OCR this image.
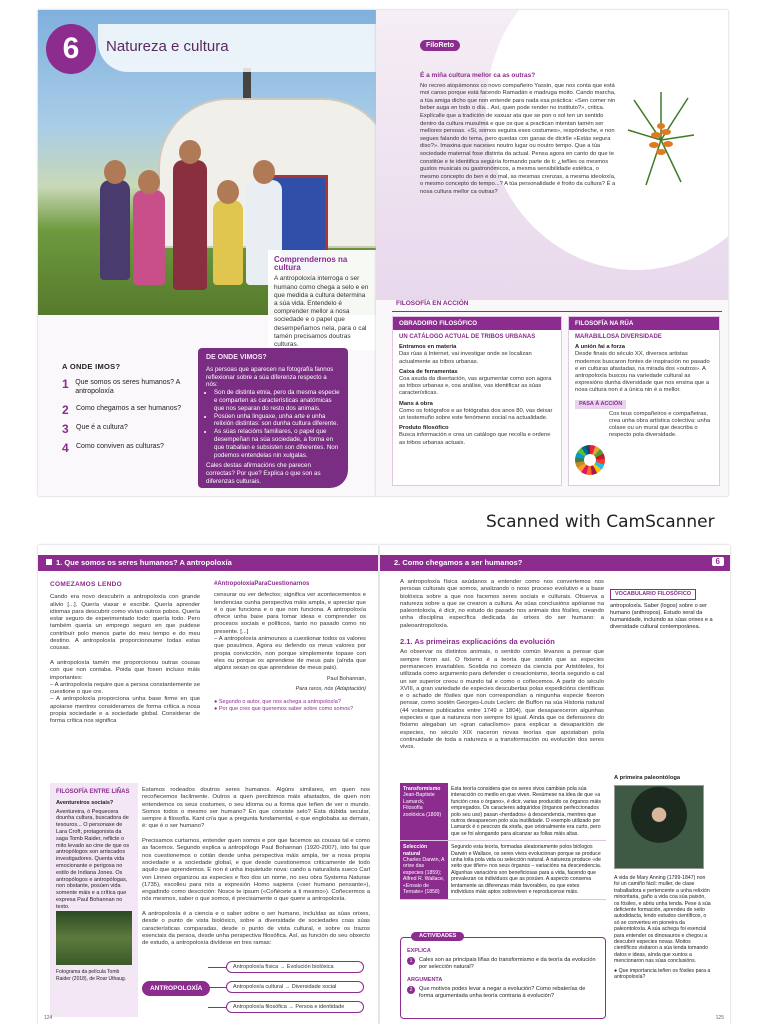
6	Natureza e cultura
Comprendernos na cultura

A antropoloxía interroga o ser humano como chega a selo e en que medida a cultura determina a súa vida. Entendelo é comprender mellor a nosa sociedade e o papel que desempeñamos nela, para o cal tamén precisamos doutras culturas.

A ONDE IMOS?
1 Que somos os seres humanos? A antropoloxía
2	Como chegamos a ser humanos?
3	Que é a cultura?
4	Como conviven as culturas?
DE ONDE VIMOS?

As persoas que aparecen na fotografía fannos reflexionar sobre a súa diferenza respecto a nós:

• Son de distinta etnia, pero da mesma especie e comparten as características anatómicas que nos separan do resto dos animais.
• Posúen unha linguaxe, unha arte e unha relixión distintas: son dunha cultura diferente.
• As súas relacións familiares, o papel que desempeñan na súa sociedade, a forma en que traballan e subsisten son diferentes. Non podemos entendelas nin xulgalas.

Cales destas afirmacións che parecen correctas? Por que? Explica o que son as diferenzas culturais.

FiloReto
É a miña cultura mellor ca as outras?

No recreo atopámonos co novo compañeiro Yassin, que nos conta que está moi canso porque está facendo Ramadán e madruga moito. Cando marcha, a túa amiga dicho que non entende para nada esa práctica: «Sen comer nin beber auga en todo o día... Así, quen pode render no instituto?», critica. Explícalle que a tradición de xaxuar ata que se pon o sol ten un sentido dentro da cultura musulmá e que os que a practican intentan tamén ser mellores persoas. «Si, somos seguira eses costumes», respóndeche, e non segues falando do tema, pero quedas con ganas de dicirlle «Estás segura diso?». Imaxina que naceses noutro lugar ou noutro tempo. Que a túa sociedade maternal fose distinta da actual. Pensa agora en canto do que te constitúe e te identifica seguiría formando parte de ti: ¿teñles os mesmos gustos musicais ou gastronómicos, a mesma sensibilidade estética, o mesmo concepto do ben e do mal, as mesmas crenzas, a mesma ideoloxía, o mesmo concepto do tempo...? A túa personalidade é froito da cultura? É a nosa cultura mellor ca outras?

FILOSOFÍA EN ACCIÓN
OBRADOIRO FILOSÓFICO
UN CATÁLOGO ACTUAL DE TRIBOS URBANAS
Entramos en materia
Das rúas á Internet, vai investigar onde se localizan actualmente as tribos urbanas.
Caixa de ferramentas
Coa axuda da disertación, vas argumentar como son agora as tribos urbanas e, coa análise, vas identificar as súas características.
Mans á obra
Como os fotógrafos e as fotógrafas dos anos 80, vas deixar un testemuño sobre este fenómeno social na actualidade.
Produto filosófico
Busca información e crea un catálogo que recolla e ordene as tribos urbanas actuais.
FILOSOFÍA NA RÚA
MARABILLOSA DIVERSIDADE
A unión fai a forza
Desde finais do século XX, diversos artistas modernos buscaron fontes de inspiración no pasado e en culturas afastadas, na mirada dos «outros». A antropoloxía buscou na variedade cultural as expresións dunha diversidade que nos ensina que a nosa cultura non é a única nin é a mellor.
PASA Á ACCIÓN

Cos teus compañeiros e compañeiras, crea unha obra artística colectiva: unha colaxe ou un mural que describa o respecto pola diversidade.
Scanned with CamScanner
1. Que somos os seres humanos? A antropoloxía
COMEZAMOS LENDO

Cando era novo descubrín a antropoloxía con grande alivio [...]. Quería viaxar e escribir. Quería aprender idiomas para descubrir como vivían outros pobos. Quería estar seguro de experimentado todo: quería todo. Pero também queria un emprego seguro en que puidese contribuír polo menos parte do meu tempo e do meu destino. A antropoloxía proporcionoume todas estas cousas.

A antropoloxía tamén me proporcionou outras cousas con que non contaba. Poida que fosen incluso máis importantes:
– A antropoloxía require que a persoa constantemente se cuestione o que cre.
– A antropoloxía proporciona unha base firme en que apoiarse mentres consideramos de forma crítica a nosa propia sociedade e a sociedade global. Considerar de forma crítica nos significa

#AntropoloxíaParaCuestionarnos

censurar ou ver defectos; significa ver acontecementos e tendencias cunha perspectiva máis ampla, e apreciar que é o que funciona e o que non funciona. A antropoloxía ofrece unha base para tomar ideas e comprender os procesos sociais e políticos, tanto no pasado como no presente. [...]
– A antropoloxía animounos a cuestionar todos os valores que posuímos. Agora eu defendo os meus valores por propia convicción, non porque simplemente topase con eles ou porque os aprendese de meus pais (aínda que algúns sexan os que aprendese de meus pais).

Paul Bohannan,
Para raros, nós (Adaptación)
● Segundo o autor, que nos achega a antropoloxía?
● Por que cres que queremos saber sobre como somos?
FILOSOFÍA ENTRE LIÑAS
Aventureiros sociais?

Aventureira, ó Pequecera dounha cultura, buscadora de tesouros... O personaxe de Lara Croft, protagonista da saga Tomb Raider, reflicte o mito levado ao cine de que os antropólogos son arriscados investigadores. Quenta vida emocionante e perigosa no estilo de Indiana Jones. Os antropólogos e antropólogas, non obstante, posúen vida somente máis e a crítica que expresa Paul Bohannan no texto.

Fotograma da película Tomb Raider (2018), de Roar Uthaug.

Estamos rodeados doutros seres humanos. Algúns similares, en quen nos recoñecemos facilmente. Outros a quen percibimos máis afastados, de quen non entendemos os seus costumes, o seu idioma ou a forma que teñen de ver o mundo. Somos todos o mesmo ser humano? En que consiste selo? Esta dúbida secular, sempre á filosofía. Kant cría que a pregunta fundamental, e que englobaba as demais, é: que é o ser humano?

Precisamos curtarnos, entender quen somos e por que facemos as cousas tal e como as facemos. Segundo explica a antropólogo Paul Bohannan (1920-2007), isto fai que nos cuestionemos o cotián desde unha perspectiva máis ampla, ter a nosa propia sociedade e a sociedade global, e que desde cuestionemos criticamente de todo aquilo que aprendemos. E non é unha inquietude nova: cando a naturalista sueco Carl von Linneo organizou as especies e fixo dos un nome, no seu obra Systema Naturae (1735), escolleu para nós a expresión Homo sapiens («ser humano pensante»), engadindo como descrición: Nosce te ipsum («Coñécete a ti mesmo»). Coñecermos a nós mesmos, saber o que somos, é precisamente o que quere a antropoloxía.

A antropoloxía é a ciencia e o saber sobre o ser humano, incluídas as súas orixes, desde o punto de vista biolóxico, sobre a diversidade de sociedades coas súas características comparadas, desde o punto de vista cultural, e sobre os trazos esenciais da persoa, desde unha perspectiva filosófica. Así, as función do seu obxecto de estudo, a antropoloxía divídese en tres ramas:

ANTROPOLOXÍA
Antropoloxía física → Evolución biolóxica
Antropoloxía cultural → Diversidade social
Antropoloxía filosófica → Persoa e identidade
124
2. Como chegamos a ser humanos?	6

A antropoloxía física axúdanos a entender como nos convertemos nos persoas culturais que somos, analizando o noso proceso evolutivo e a base biolóxica sobre a que nos facemos seres sociais e culturais. Observa a natureza sobre a que se crearon a cultura. As súas conclusións apóianse na paleontoloxía, é dicir, no estudo do pasado nos animais dos fósiles, creando unha disciplina específica dedicada ás orixes do ser humano: a paleoantropoloxía.

2.1. As primeiras explicacións da evolución

Ao observar os distintos animais, o sentido común lévanos a pensar que sempre foron así. O fixismo é a teoría que sostén que as especies permanecen invariables. Sostida no comezo da ciencia por Aristóteles, foi utilizada como argumento para defender o creacionismo, teoría segundo a cal un ser superior creou o mundo tal e como o coñecemos. A partir do século XVIII, a gran variedade de especies descubertas polas expedicións científicas e o achado de fósiles que non correspondían a ningunha especie fixeron pensar, como sostén Georges-Louis Leclerc de Buffon na súa Historia natural (44 volumes publicados entre 1749 e 1804), que desapareceron algunhas especies e que a natureza non sempre foi igual. Ainda que os defensores do fixismo alegaban un «gran cataclismo» para explicar a desaparición de especies, no século XIX naceron novas teorías que apostaban pola continuidade de toda a natureza e a transformación ou evolución dos seres vivos.

VOCABULARIO FILOSÓFICO

antropoloxía. Saber (logos) sobre o ser humano (anthropos). Estudo xeral da humanidade, incluindo as súas orixes e a diversidade cultural contemporánea.

Transformismo
Jean-Baptiste Lamarck, Filosofía zoolóxica (1809)	Esta teoría considera que os seres vivos cambian pola súa interacción co medio en que viven. Resúmese na idea de que «a función crea o órgano», é dicir, varias producido os órganos máis empregados. Os caracteres adquiridos (órganos perfeccionados polo seu uso) pasan «herdados» á descendencia, mentres que outros desaparecen polo súa inutilidade. O exemplo utilizado por Lamarck é o pescozo da xirafa, que orixinalmente era curto, pero que se foi alongando para alcanzar as follas máis altas.
Selección natural
Charles Darwin, A orixe das especies (1859); Alfred R. Wallace, «Ensaio de Ternate» (1858)	Segundo esta teoría, formadas aleatoriamente polos biólogos Darwin e Wallace, os seres vivos evolucionan porque se produce unha loita pola vida ou selección natural. A natureza produce «de xeito que tiñen» nos seus órganos – variacións na descendencia. Algunhas variacións son beneficiosas para a vida, facendo que prevalezan os individuos que as posúen. A aspecto conserva lentamente as diferenzas máis favorables, ou que estes individuos máis aptos sobreviven e reproducense máis.
A primeira paleontóloga

A vida de Mary Anning (1799-1847) non foi un camiño fácil: muller, de clase traballadora e pertencente a unha relixión minoritaria, gaño a vida coa súa paixón, os fósiles, e abriu unha tenda. Pese á súa deficiente formación, aprendeu de xeito autodidacta, lendo estudos científicos, o só se converteu en pioneira da paleontoloxía. A súa achega foi esencial para entender os dinosauros e chegou a descubrir especies novas. Moitos científicos visitaron a súa tenda tomando datos e ideas, aínda que xuntos a mencionaron nas súas conclusións.

● Que importancia teñen os fósiles para a antropoloxía?

ACTIVIDADES
EXPLICA
1	Cales son as principais liñas do transformismo e da teoría da evolución por selección natural?
ARGUMENTA
2	Que motivos podes levar a negar a evolución? Como rebaterías de forma argumentada unha teoría contraria á evolución?
125
